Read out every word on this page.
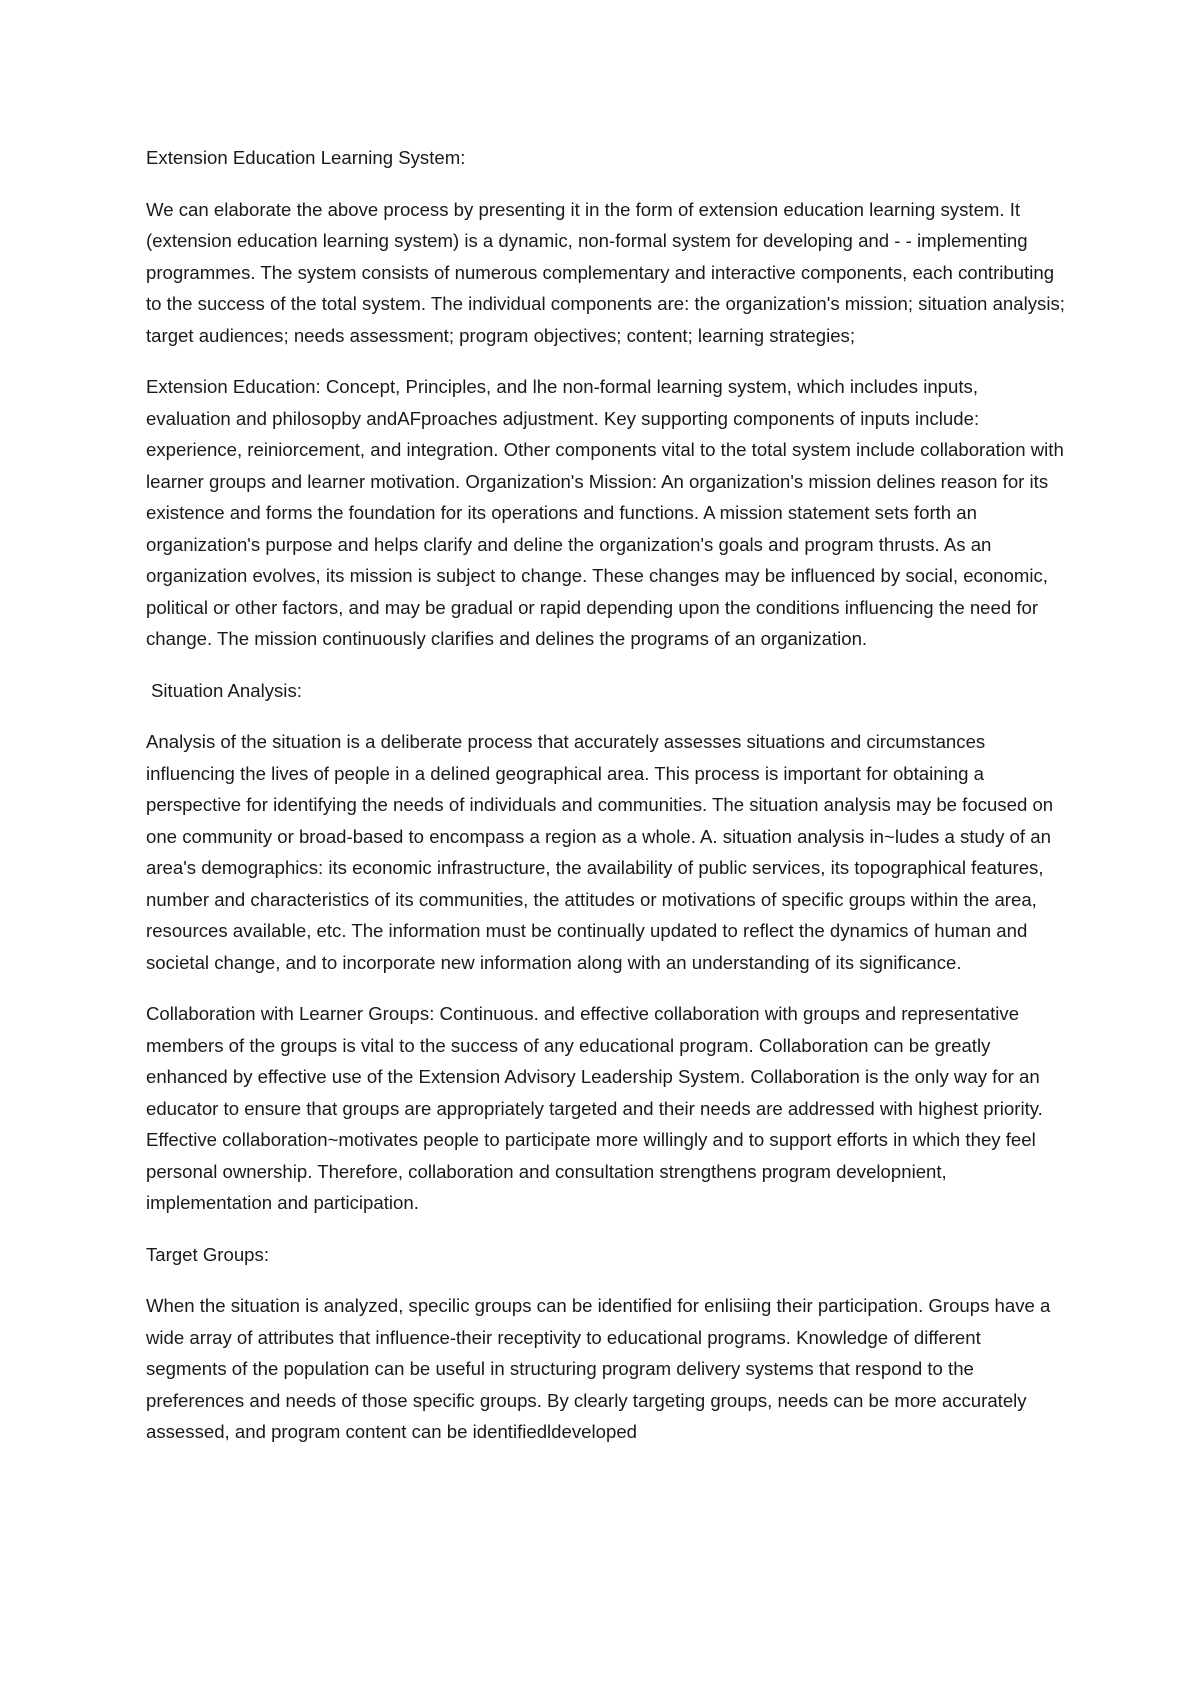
Extension Education Learning System:

We can elaborate the above process by presenting it in the form of extension education learning system. It (extension education learning system) is a dynamic, non-formal system for developing and - - implementing programmes. The system consists of numerous complementary and interactive components, each contributing to the success of the total system. The individual components are: the organization's mission; situation analysis; target audiences; needs assessment; program objectives; content; learning strategies;

Extension Education: Concept, Principles, and lhe non-formal learning system, which includes inputs, evaluation and philosopby andAFproaches adjustment. Key supporting components of inputs include: experience, reiniorcement, and integration. Other components vital to the total system include collaboration with learner groups and learner motivation. Organization's Mission: An organization's mission delines reason for its existence and forms the foundation for its operations and functions. A mission statement sets forth an organization's purpose and helps clarify and deline the organization's goals and program thrusts. As an organization evolves, its mission is subject to change. These changes may be influenced by social, economic, political or other factors, and may be gradual or rapid depending upon the conditions influencing the need for change. The mission continuously clarifies and delines the programs of an organization.

Situation Analysis:

Analysis of the situation is a deliberate process that accurately assesses situations and circumstances influencing the lives of people in a delined geographical area. This process is important for obtaining a perspective for identifying the needs of individuals and communities. The situation analysis may be focused on one community or broad-based to encompass a region as a whole. A. situation analysis in~ludes a study of an area's demographics: its economic infrastructure, the availability of public services, its topographical features, number and characteristics of its communities, the attitudes or motivations of specific groups within the area, resources available, etc. The information must be continually updated to reflect the dynamics of human and societal change, and to incorporate new information along with an understanding of its significance.

Collaboration with Learner Groups: Continuous. and effective collaboration with groups and representative members of the groups is vital to the success of any educational program. Collaboration can be greatly enhanced by effective use of the Extension Advisory Leadership System. Collaboration is the only way for an educator to ensure that groups are appropriately targeted and their needs are addressed with highest priority. Effective collaboration~motivates people to participate more willingly and to support efforts in which they feel personal ownership. Therefore, collaboration and consultation strengthens program developnient, implementation and participation.

Target Groups:

When the situation is analyzed, specilic groups can be identified for enlisiing their participation. Groups have a wide array of attributes that influence-their receptivity to educational programs. Knowledge of different segments of the population can be useful in structuring program delivery systems that respond to the preferences and needs of those specific groups. By clearly targeting groups, needs can be more accurately assessed, and program content can be identifiedldeveloped
